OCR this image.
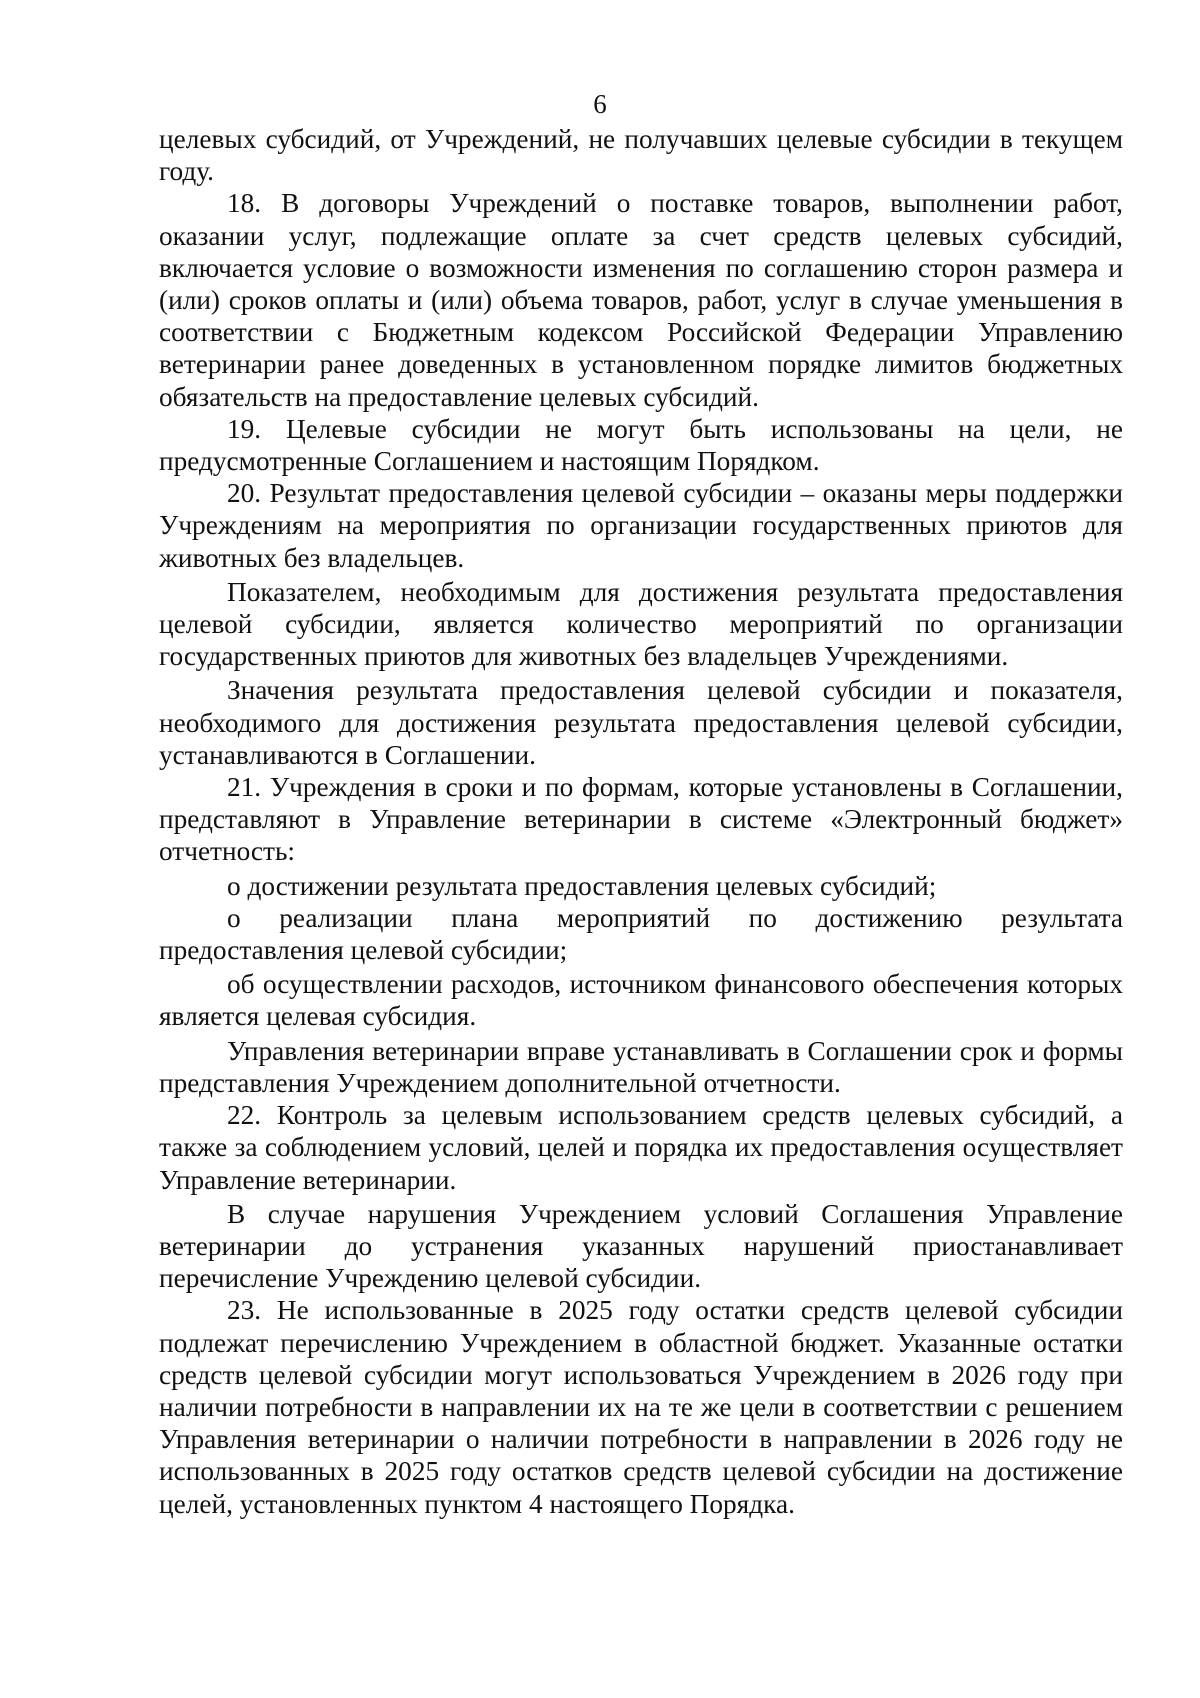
6

целевых субсидий, от Учреждений, не получавших целевые субсидии в текущем году.

18. В договоры Учреждений о поставке товаров, выполнении работ, оказании услуг, подлежащие оплате за счет средств целевых субсидий, включается условие о возможности изменения по соглашению сторон размера и (или) сроков оплаты и (или) объема товаров, работ, услуг в случае уменьшения в соответствии с Бюджетным кодексом Российской Федерации Управлению ветеринарии ранее доведенных в установленном порядке лимитов бюджетных обязательств на предоставление целевых субсидий.

19. Целевые субсидии не могут быть использованы на цели, не предусмотренные Соглашением и настоящим Порядком.

20. Результат предоставления целевой субсидии – оказаны меры поддержки Учреждениям на мероприятия по организации государственных приютов для животных без владельцев.

Показателем, необходимым для достижения результата предоставления целевой субсидии, является количество мероприятий по организации государственных приютов для животных без владельцев Учреждениями.

Значения результата предоставления целевой субсидии и показателя, необходимого для достижения результата предоставления целевой субсидии, устанавливаются в Соглашении.

21. Учреждения в сроки и по формам, которые установлены в Соглашении, представляют в Управление ветеринарии в системе «Электронный бюджет» отчетность:

о достижении результата предоставления целевых субсидий;

о реализации плана мероприятий по достижению результата предоставления целевой субсидии;

об осуществлении расходов, источником финансового обеспечения которых является целевая субсидия.

Управления ветеринарии вправе устанавливать в Соглашении срок и формы представления Учреждением дополнительной отчетности.

22. Контроль за целевым использованием средств целевых субсидий, а также за соблюдением условий, целей и порядка их предоставления осуществляет Управление ветеринарии.

В случае нарушения Учреждением условий Соглашения Управление ветеринарии до устранения указанных нарушений приостанавливает перечисление Учреждению целевой субсидии.

23. Не использованные в 2025 году остатки средств целевой субсидии подлежат перечислению Учреждением в областной бюджет. Указанные остатки средств целевой субсидии могут использоваться Учреждением в 2026 году при наличии потребности в направлении их на те же цели в соответствии с решением Управления ветеринарии о наличии потребности в направлении в 2026 году не использованных в 2025 году остатков средств целевой субсидии на достижение целей, установленных пунктом 4 настоящего Порядка.
